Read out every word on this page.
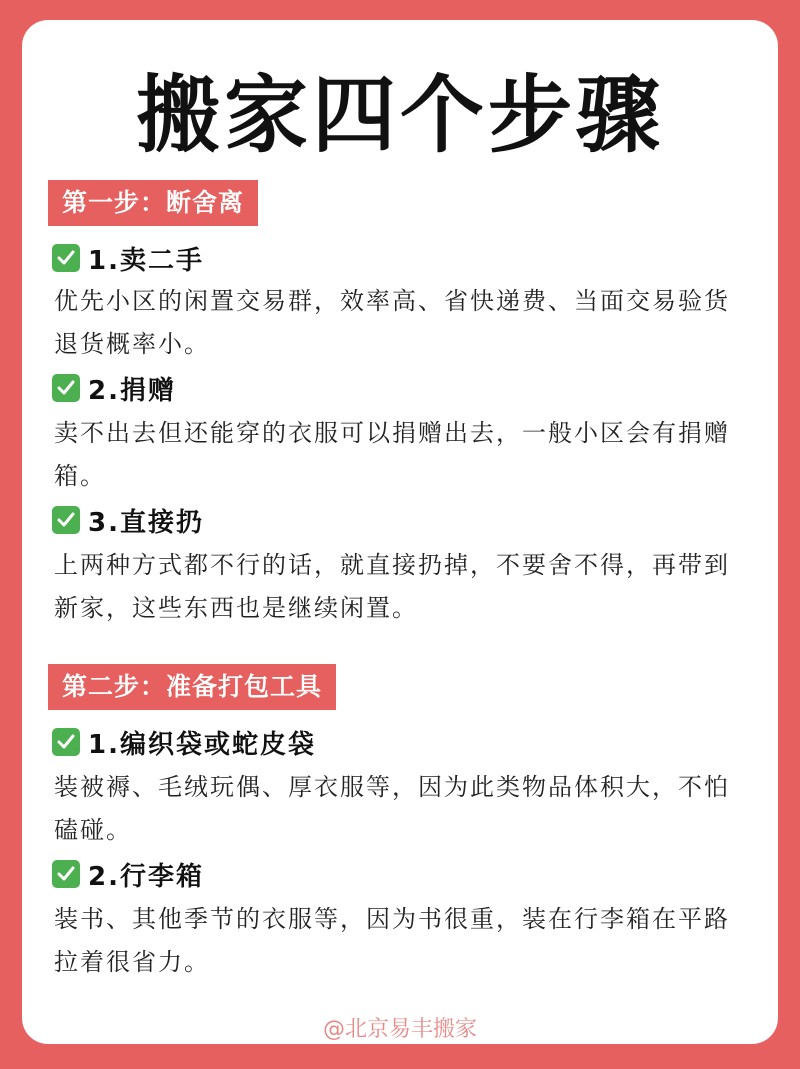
搬家四个步骤
第一步：断舍离
1.卖二手
优先小区的闲置交易群，效率高、省快递费、当面交易验货退货概率小。
2.捐赠
卖不出去但还能穿的衣服可以捐赠出去，一般小区会有捐赠箱。
3.直接扔
上两种方式都不行的话，就直接扔掉，不要舍不得，再带到新家，这些东西也是继续闲置。
第二步：准备打包工具
1.编织袋或蛇皮袋
装被褥、毛绒玩偶、厚衣服等，因为此类物品体积大，不怕磕碰。
2.行李箱
装书、其他季节的衣服等，因为书很重，装在行李箱在平路拉着很省力。
@北京易丰搬家
